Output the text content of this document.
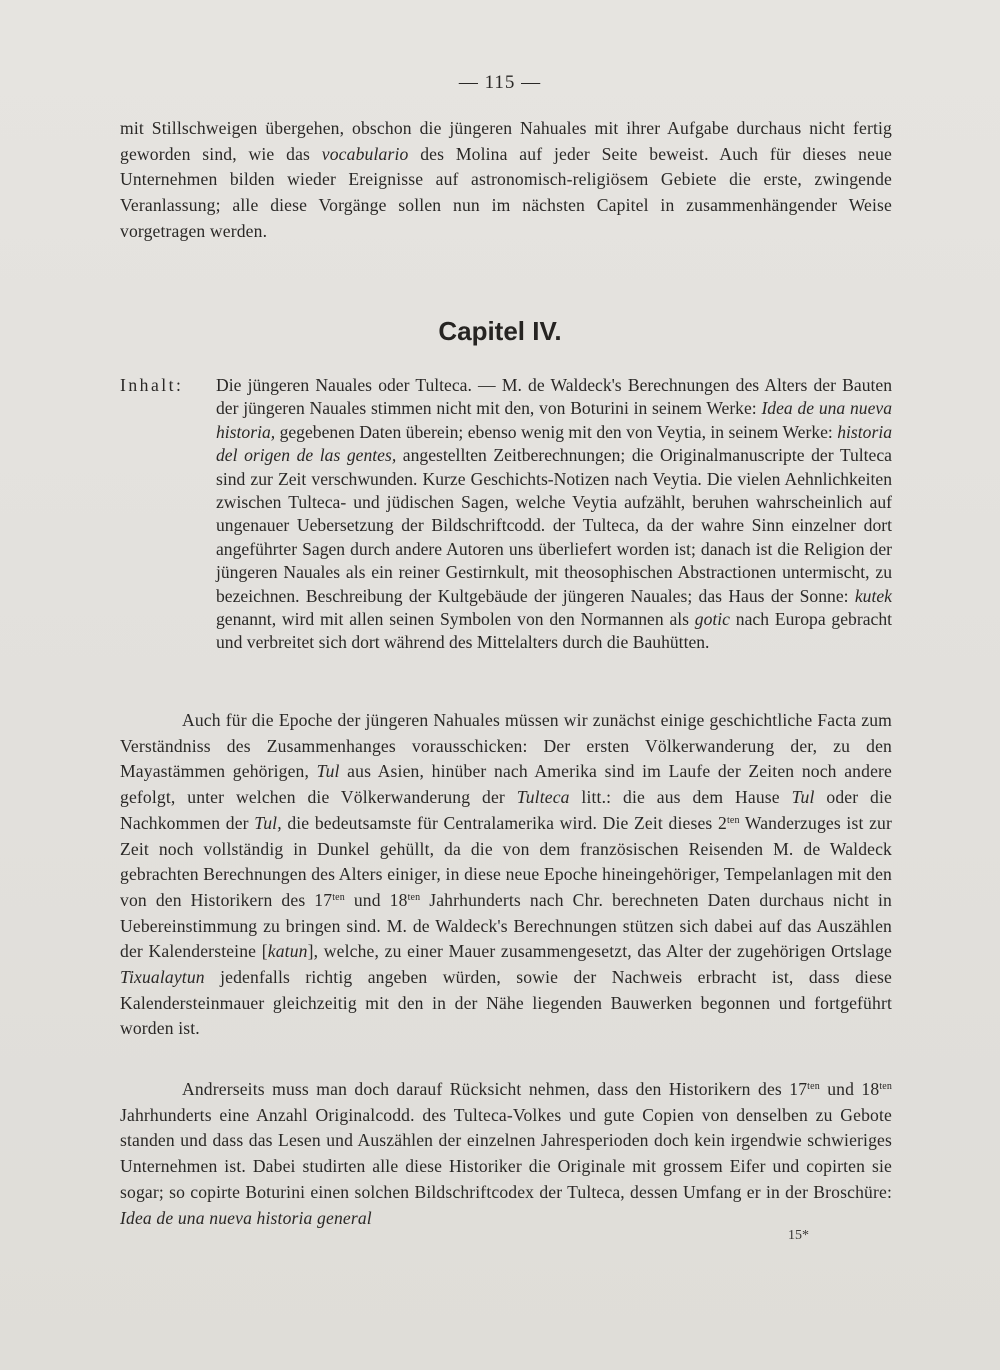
— 115 —

mit Stillschweigen übergehen, obschon die jüngeren Nahuales mit ihrer Aufgabe durchaus nicht fertig geworden sind, wie das vocabulario des Molina auf jeder Seite beweist. Auch für dieses neue Unternehmen bilden wieder Ereignisse auf astronomisch-religiösem Gebiete die erste, zwingende Veranlassung; alle diese Vorgänge sollen nun im nächsten Capitel in zusammenhängender Weise vorgetragen werden.

Capitel IV.
Inhalt: Die jüngeren Nauales oder Tulteca. — M. de Waldeck's Berechnungen des Alters der Bauten der jüngeren Nauales stimmen nicht mit den, von Boturini in seinem Werke: Idea de una nueva historia, gegebenen Daten überein; ebenso wenig mit den von Veytia, in seinem Werke: historia del origen de las gentes, angestellten Zeitberechnungen; die Originalmanuscripte der Tulteca sind zur Zeit verschwunden. Kurze Geschichts-Notizen nach Veytia. Die vielen Aehnlichkeiten zwischen Tulteca- und jüdischen Sagen, welche Veytia aufzählt, beruhen wahrscheinlich auf ungenauer Uebersetzung der Bildschriftcodd. der Tulteca, da der wahre Sinn einzelner dort angeführter Sagen durch andere Autoren uns überliefert worden ist; danach ist die Religion der jüngeren Nauales als ein reiner Gestirnkult, mit theosophischen Abstractionen untermischt, zu bezeichnen. Beschreibung der Kultgebäude der jüngeren Nauales; das Haus der Sonne: kutek genannt, wird mit allen seinen Symbolen von den Normannen als gotic nach Europa gebracht und verbreitet sich dort während des Mittelalters durch die Bauhütten.

Auch für die Epoche der jüngeren Nahuales müssen wir zunächst einige geschichtliche Facta zum Verständniss des Zusammenhanges vorausschicken: Der ersten Völkerwanderung der, zu den Mayastämmen gehörigen, Tul aus Asien, hinüber nach Amerika sind im Laufe der Zeiten noch andere gefolgt, unter welchen die Völkerwanderung der Tulteca litt.: die aus dem Hause Tul oder die Nachkommen der Tul, die bedeutsamste für Centralamerika wird. Die Zeit dieses $2^{ten}$ Wanderzuges ist zur Zeit noch vollständig in Dunkel gehüllt, da die von dem französischen Reisenden M. de Waldeck gebrachten Berechnungen des Alters einiger, in diese neue Epoche hineingehöriger, Tempelanlagen mit den von den Historikern des $17^{ten}$ und $18^{ten}$ Jahrhunderts nach Chr. berechneten Daten durchaus nicht in Uebereinstimmung zu bringen sind. M. de Waldeck's Berechnungen stützen sich dabei auf das Auszählen der Kalendersteine [katun], welche, zu einer Mauer zusammengesetzt, das Alter der zugehörigen Ortslage Tixualaytun jedenfalls richtig angeben würden, sowie der Nachweis erbracht ist, dass diese Kalendersteinmauer gleichzeitig mit den in der Nähe liegenden Bauwerken begonnen und fortgeführt worden ist.

Andrerseits muss man doch darauf Rücksicht nehmen, dass den Historikern des $17^{ten}$ und $18^{ten}$ Jahrhunderts eine Anzahl Originalcodd. des Tulteca-Volkes und gute Copien von denselben zu Gebote standen und dass das Lesen und Auszählen der einzelnen Jahresperioden doch kein irgendwie schwieriges Unternehmen ist. Dabei studirten alle diese Historiker die Originale mit grossem Eifer und copirten sie sogar; so copirte Boturini einen solchen Bildschriftcodex der Tulteca, dessen Umfang er in der Broschüre: Idea de una nueva historia general

15*
